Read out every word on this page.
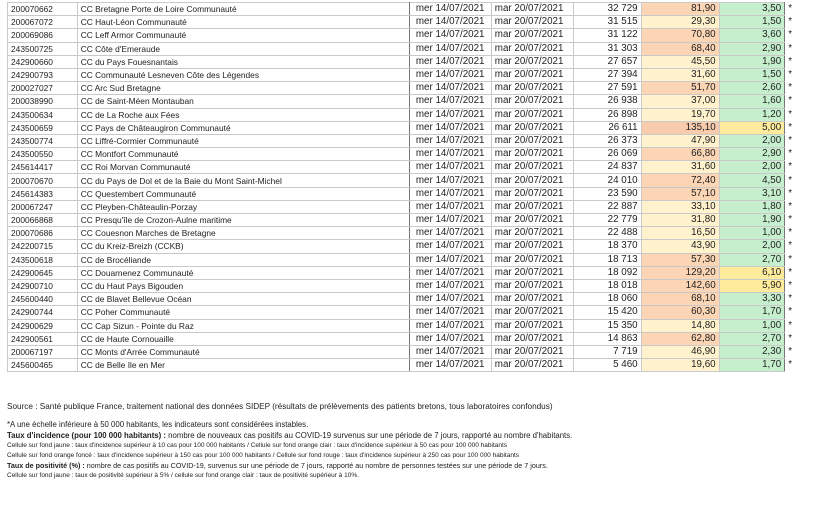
200070662	CC Bretagne Porte de Loire Communauté	mer 14/07/2021	mar 20/07/2021	32 729	81,90	3,50	*
200067072	CC Haut-Léon Communauté	mer 14/07/2021	mar 20/07/2021	31 515	29,30	1,50	*
200069086	CC Leff Armor Communauté	mer 14/07/2021	mar 20/07/2021	31 122	70,80	3,60	*
243500725	CC Côte d'Emeraude	mer 14/07/2021	mar 20/07/2021	31 303	68,40	2,90	*
242900660	CC du Pays Fouesnantais	mer 14/07/2021	mar 20/07/2021	27 657	45,50	1,90	*
242900793	CC Communauté Lesneven Côte des Légendes	mer 14/07/2021	mar 20/07/2021	27 394	31,60	1,50	*
200027027	CC Arc Sud Bretagne	mer 14/07/2021	mar 20/07/2021	27 591	51,70	2,60	*
200038990	CC de Saint-Méen Montauban	mer 14/07/2021	mar 20/07/2021	26 938	37,00	1,60	*
243500634	CC de La Roche aux Fées	mer 14/07/2021	mar 20/07/2021	26 898	19,70	1,20	*
243500659	CC Pays de Châteaugiron Communauté	mer 14/07/2021	mar 20/07/2021	26 611	135,10	5,00	*
243500774	CC Liffré-Cormier Communauté	mer 14/07/2021	mar 20/07/2021	26 373	47,90	2,00	*
243500550	CC Montfort Communauté	mer 14/07/2021	mar 20/07/2021	26 069	66,80	2,90	*
245614417	CC Roi Morvan Communauté	mer 14/07/2021	mar 20/07/2021	24 837	31,60	2,00	*
200070670	CC du Pays de Dol et de la Baie du Mont Saint-Michel	mer 14/07/2021	mar 20/07/2021	24 010	72,40	4,50	*
245614383	CC Questembert Communauté	mer 14/07/2021	mar 20/07/2021	23 590	57,10	3,10	*
200067247	CC Pleyben-Châteaulin-Porzay	mer 14/07/2021	mar 20/07/2021	22 887	33,10	1,80	*
200066868	CC Presqu'île de Crozon-Aulne maritime	mer 14/07/2021	mar 20/07/2021	22 779	31,80	1,90	*
200070686	CC Couesnon Marches de Bretagne	mer 14/07/2021	mar 20/07/2021	22 488	16,50	1,00	*
242200715	CC du Kreiz-Breizh (CCKB)	mer 14/07/2021	mar 20/07/2021	18 370	43,90	2,00	*
243500618	CC de Brocéliande	mer 14/07/2021	mar 20/07/2021	18 713	57,30	2,70	*
242900645	CC Douarnenez Communauté	mer 14/07/2021	mar 20/07/2021	18 092	129,20	6,10	*
242900710	CC du Haut Pays Bigouden	mer 14/07/2021	mar 20/07/2021	18 018	142,60	5,90	*
245600440	CC de Blavet Bellevue Océan	mer 14/07/2021	mar 20/07/2021	18 060	68,10	3,30	*
242900744	CC Poher Communauté	mer 14/07/2021	mar 20/07/2021	15 420	60,30	1,70	*
242900629	CC Cap Sizun - Pointe du Raz	mer 14/07/2021	mar 20/07/2021	15 350	14,80	1,00	*
242900561	CC de Haute Cornouaille	mer 14/07/2021	mar 20/07/2021	14 863	62,80	2,70	*
200067197	CC Monts d'Arrée Communauté	mer 14/07/2021	mar 20/07/2021	7 719	46,90	2,30	*
245600465	CC de Belle Ile en Mer	mer 14/07/2021	mar 20/07/2021	5 460	19,60	1,70	*

Source : Santé publique France, traitement national des données SIDEP (résultats de prélèvements des patients bretons, tous laboratoires confondus)

*A une échelle inférieure à 50 000 habitants, les indicateurs sont considérées instables.

Taux d'incidence (pour 100 000 habitants) : nombre de nouveaux cas positifs au COVID-19 survenus sur une période de 7 jours, rapporté au nombre d'habitants.

Cellule sur fond jaune : taux d'incidence supérieur à 10 cas pour 100 000 habitants / Cellule sur fond orange clair : taux d'incidence supérieur à 50 cas pour 100 000 habitants

Cellule sur fond orange foncé : taux d'incidence supérieur à 150 cas pour 100 000 habitants / Cellule sur fond rouge : taux d'incidence supérieur à 250 cas pour 100 000 habitants

Taux de positivité (%) : nombre de cas positifs au COVID-19, survenus sur une période de 7 jours, rapporté au nombre de personnes testées sur une période de 7 jours.

Cellule sur fond jaune : taux de positivité supérieur à 5% / cellule sur fond orange clair : taux de positivité supérieur à 10%.
